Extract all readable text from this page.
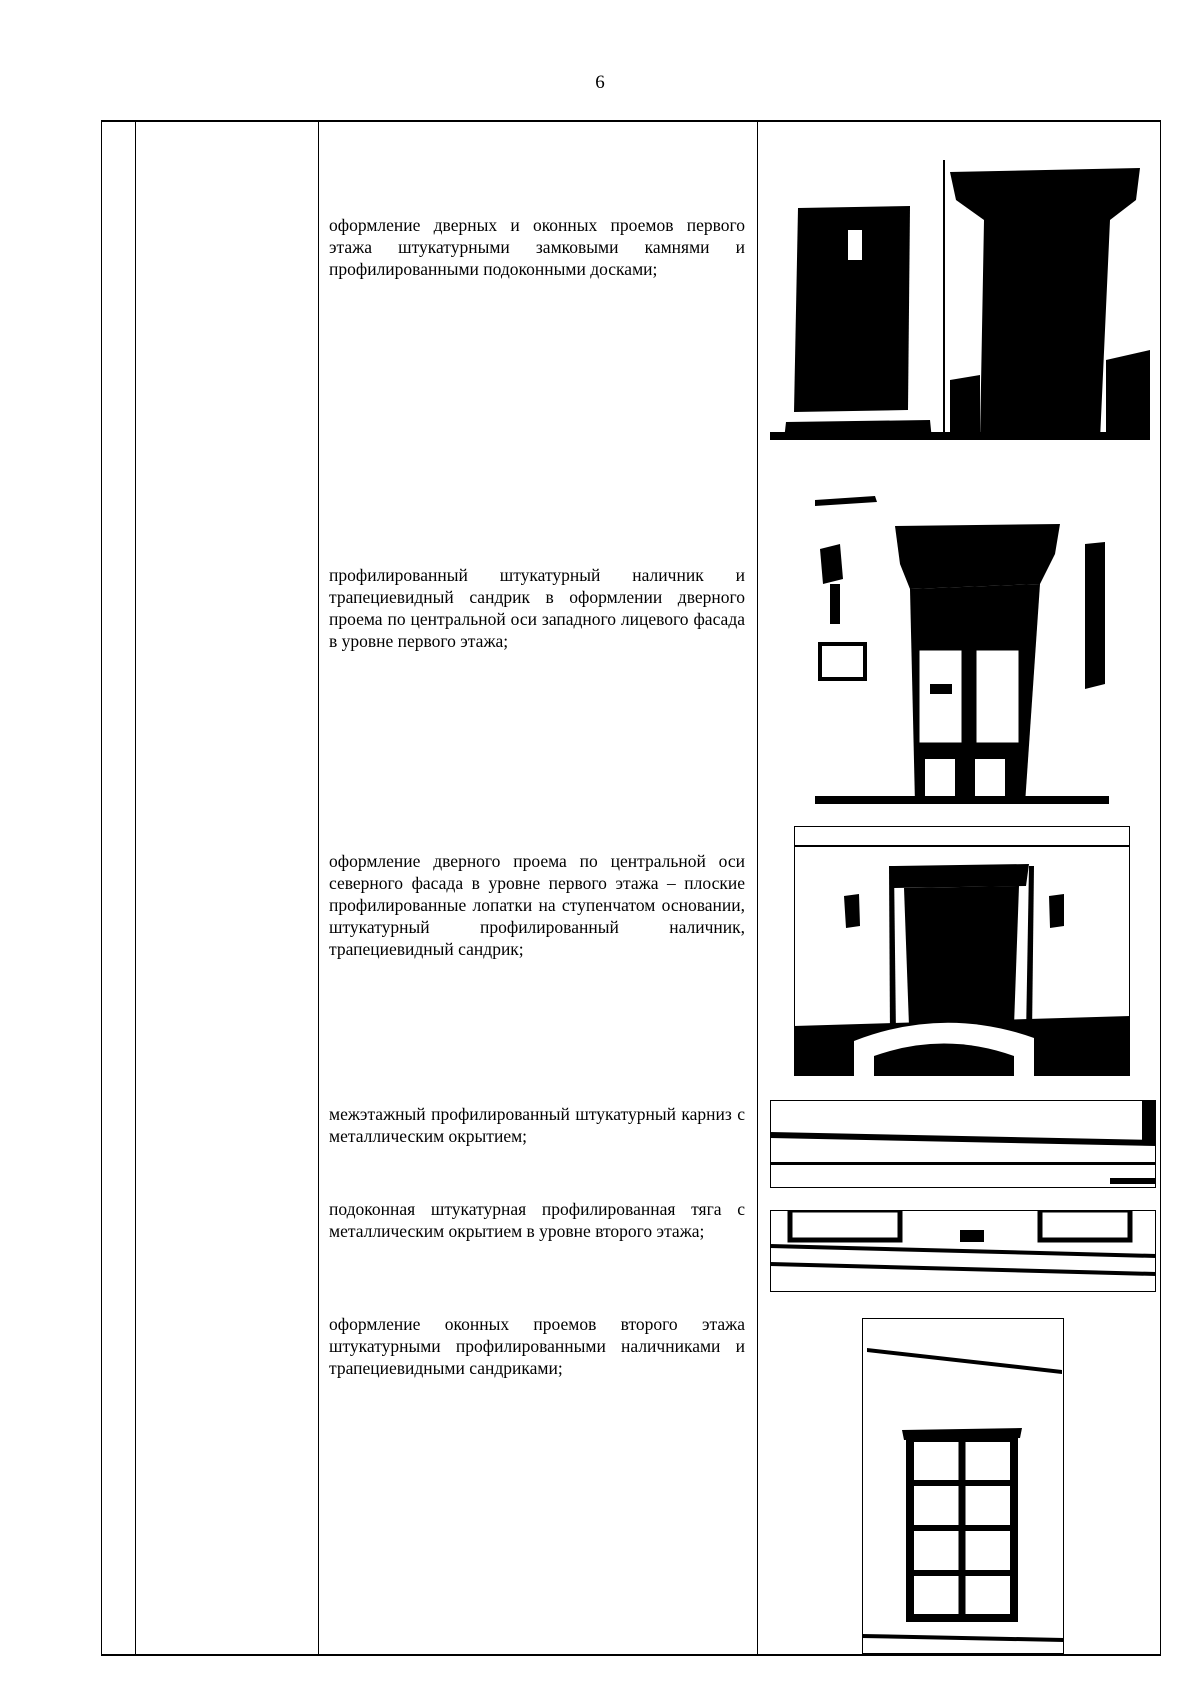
6
оформление дверных и оконных проемов первого этажа штукатурными замковыми камнями и профилированными подоконными досками;
профилированный штукатурный наличник и трапециевидный сандрик в оформлении дверного проема по центральной оси западного лицевого фасада в уровне первого этажа;
оформление дверного проема по центральной оси северного фасада в уровне первого этажа – плоские профилированные лопатки на ступенчатом основании, штукатурный профилированный наличник, трапециевидный сандрик;
межэтажный профилированный штукатурный карниз с металлическим окрытием;
подоконная штукатурная профилированная тяга с металлическим окрытием в уровне второго этажа;
оформление оконных проемов второго этажа штукатурными профилированными наличниками и трапециевидными сандриками;
